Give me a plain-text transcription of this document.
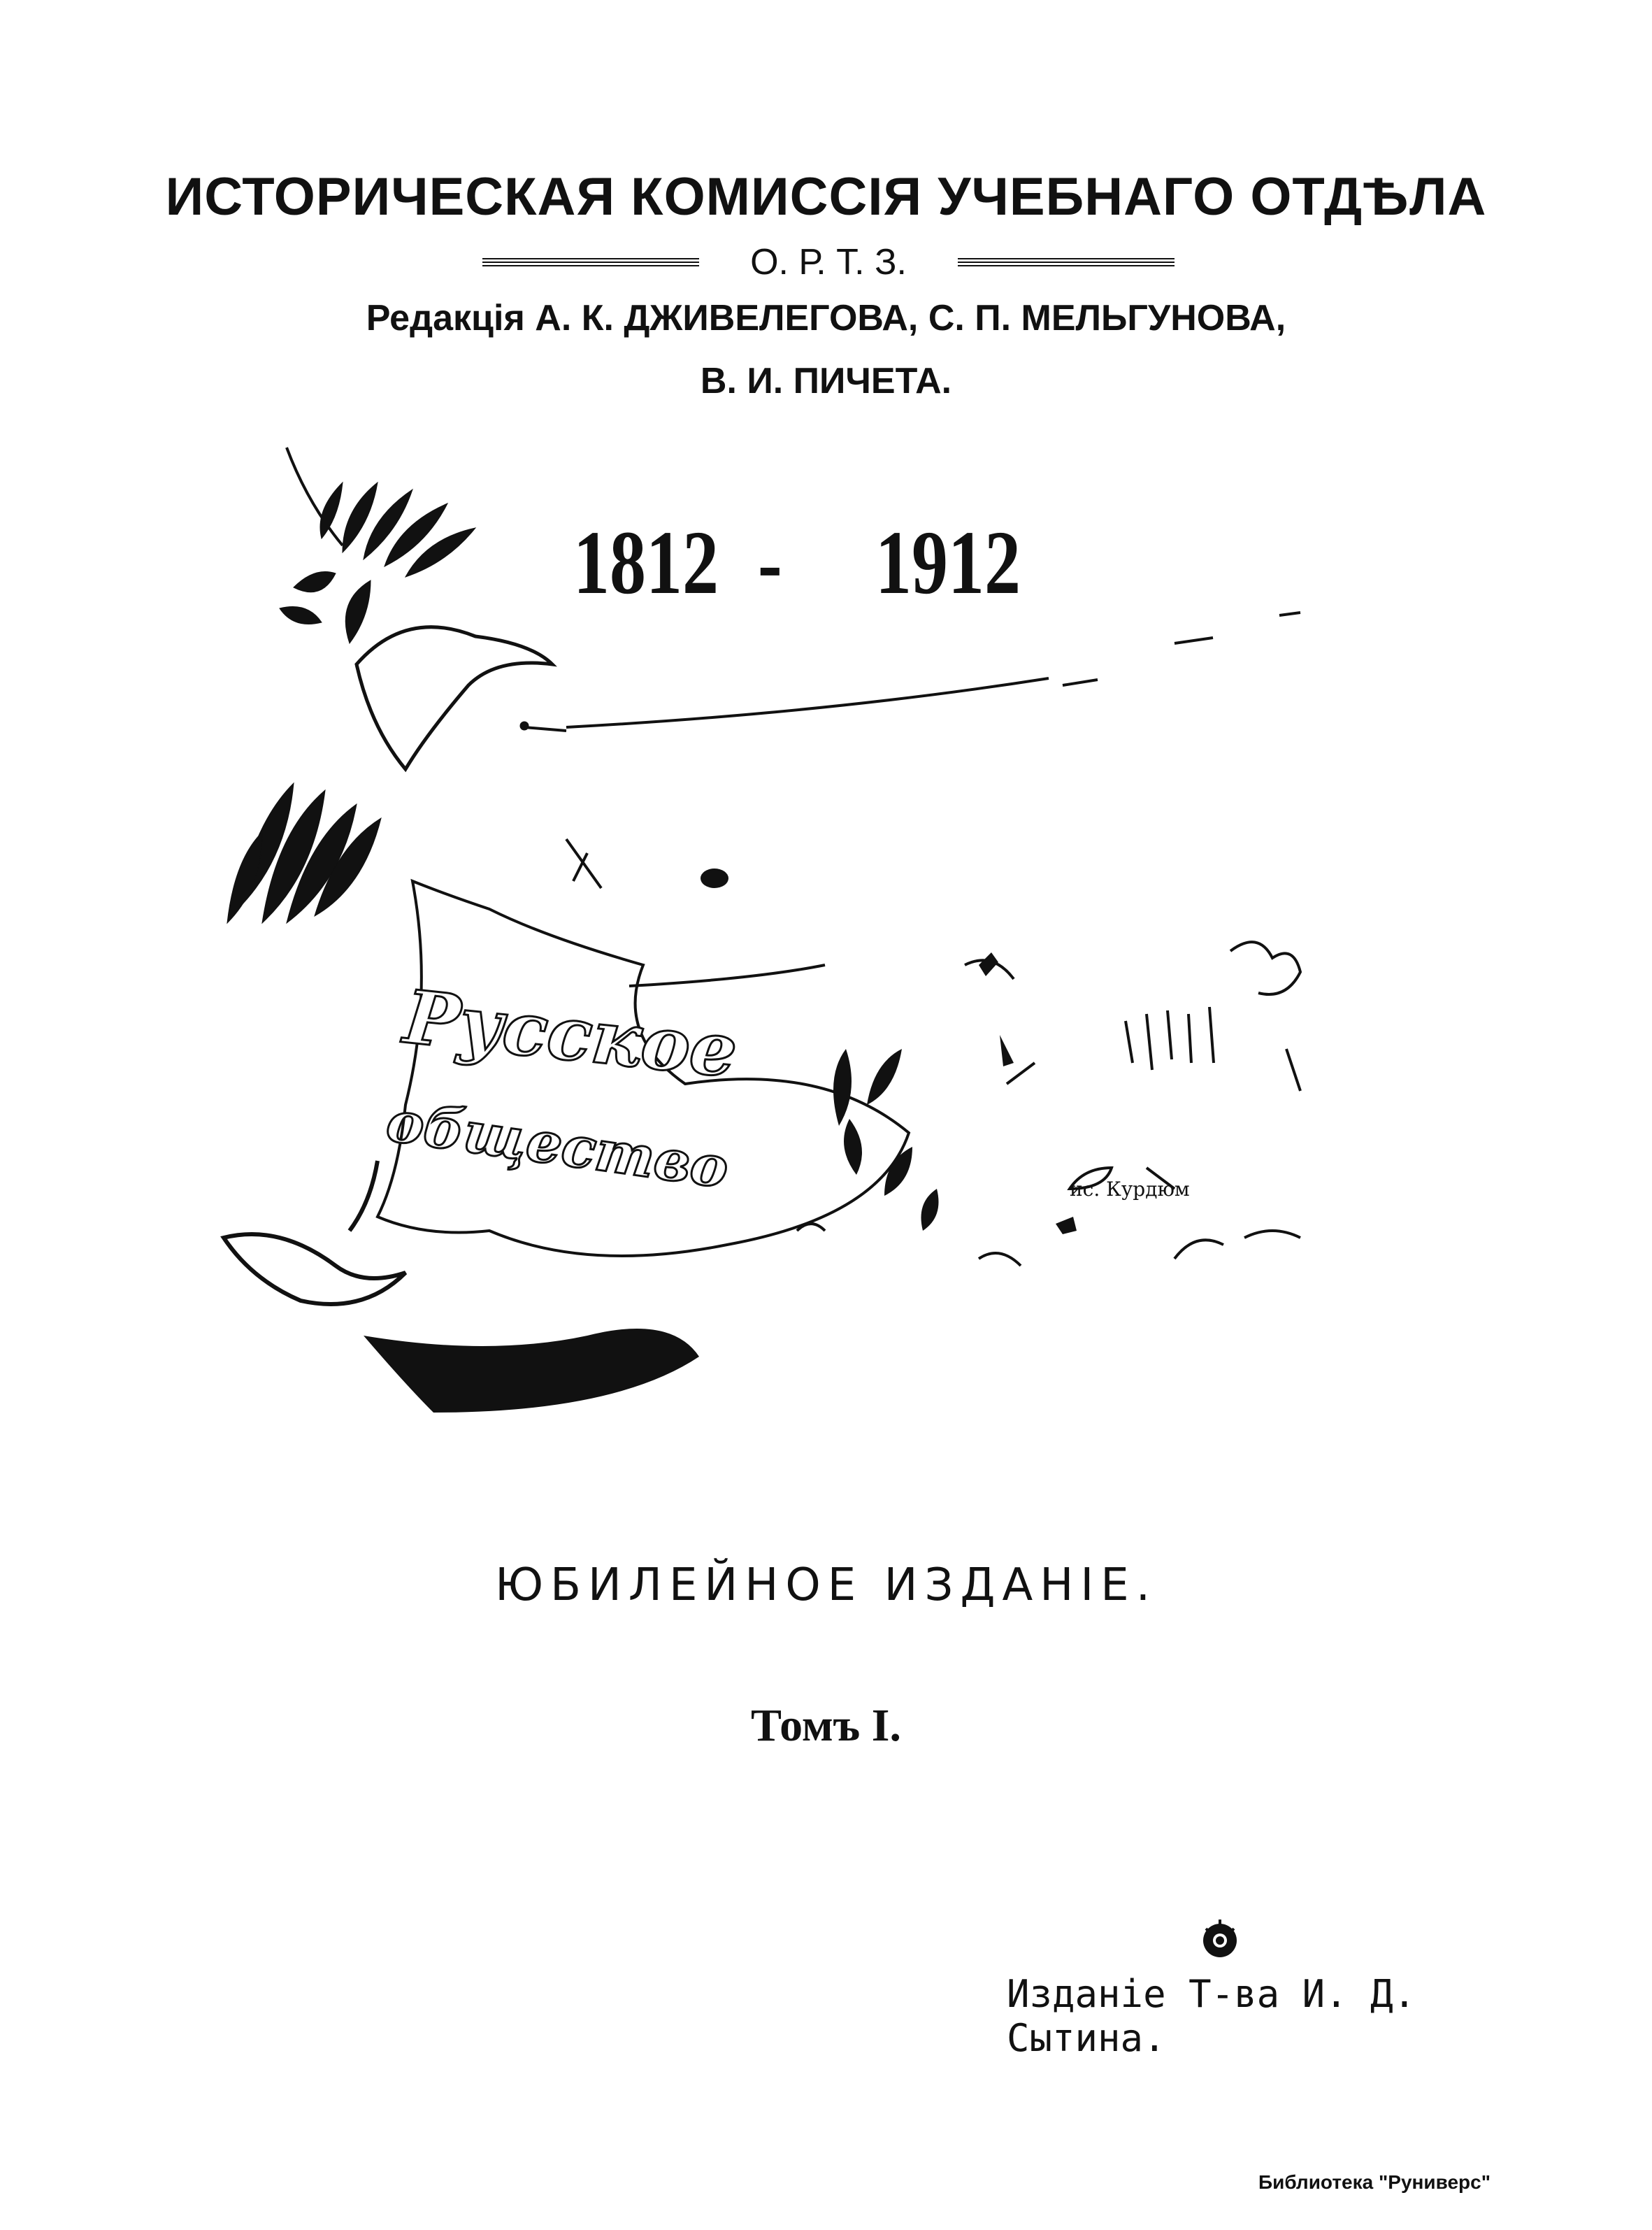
ИСТОРИЧЕСКАЯ КОМИССІЯ УЧЕБНАГО ОТДѢЛА
О. Р. Т. З.
Редакція А. К. ДЖИВЕЛЕГОВА, С. П. МЕЛЬГУНОВА,
В. И. ПИЧЕТА.
1812 - 1912
Русское
общество	ис. Курдюм
ЮБИЛЕЙНОЕ ИЗДАНІЕ.
Томъ I.
Изданіе Т-ва И. Д. Сытина.
Библиотека "Руниверс"
